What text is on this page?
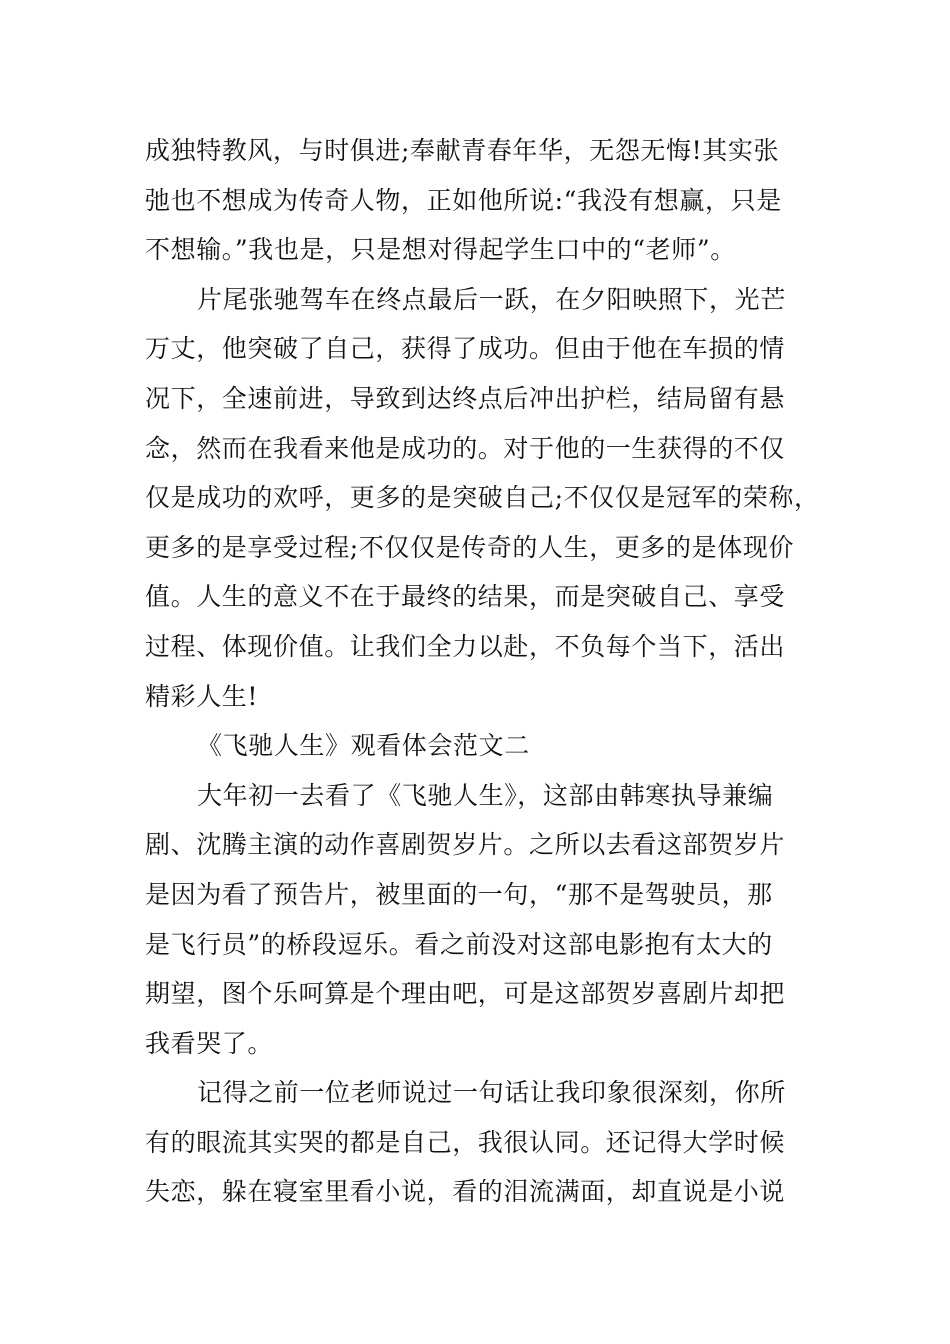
成独特教风，与时俱进;奉献青春年华，无怨无悔!其实张
弛也不想成为传奇人物，正如他所说:“我没有想赢，只是
不想输。”我也是，只是想对得起学生口中的“老师”。
片尾张驰驾车在终点最后一跃，在夕阳映照下，光芒
万丈，他突破了自己，获得了成功。但由于他在车损的情
况下，全速前进，导致到达终点后冲出护栏，结局留有悬
念，然而在我看来他是成功的。对于他的一生获得的不仅
仅是成功的欢呼，更多的是突破自己;不仅仅是冠军的荣称，
更多的是享受过程;不仅仅是传奇的人生，更多的是体现价
值。人生的意义不在于最终的结果，而是突破自己、享受
过程、体现价值。让我们全力以赴，不负每个当下，活出
精彩人生!
《飞驰人生》观看体会范文二
大年初一去看了《飞驰人生》，这部由韩寒执导兼编
剧、沈腾主演的动作喜剧贺岁片。之所以去看这部贺岁片
是因为看了预告片，被里面的一句，“那不是驾驶员，那
是飞行员”的桥段逗乐。看之前没对这部电影抱有太大的
期望，图个乐呵算是个理由吧，可是这部贺岁喜剧片却把
我看哭了。
记得之前一位老师说过一句话让我印象很深刻，你所
有的眼流其实哭的都是自己，我很认同。还记得大学时候
失恋，躲在寝室里看小说，看的泪流满面，却直说是小说
